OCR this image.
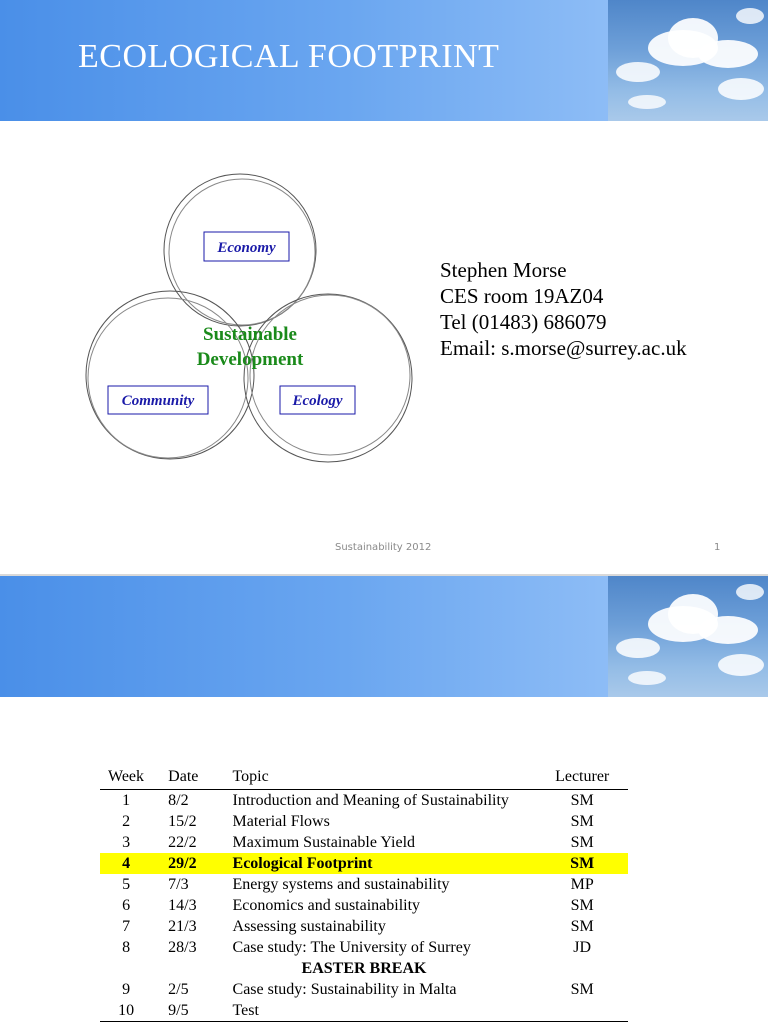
ECOLOGICAL FOOTPRINT
Economy
Community	Ecology
Sustainable
Development
Stephen Morse
CES room 19AZ04
Tel (01483) 686079
Email: s.morse@surrey.ac.uk
Sustainability 2012	1
Week	Date	Topic	Lecturer
1	8/2	Introduction and Meaning of Sustainability	SM
2	15/2	Material Flows	SM
3	22/2	Maximum Sustainable Yield	SM
4	29/2	Ecological Footprint	SM
5	7/3	Energy systems and sustainability	MP
6	14/3	Economics and sustainability	SM
7	21/3	Assessing sustainability	SM
8	28/3	Case study: The University of Surrey	JD
EASTER BREAK			
9	2/5	Case study: Sustainability in Malta	SM
10	9/5	Test	
